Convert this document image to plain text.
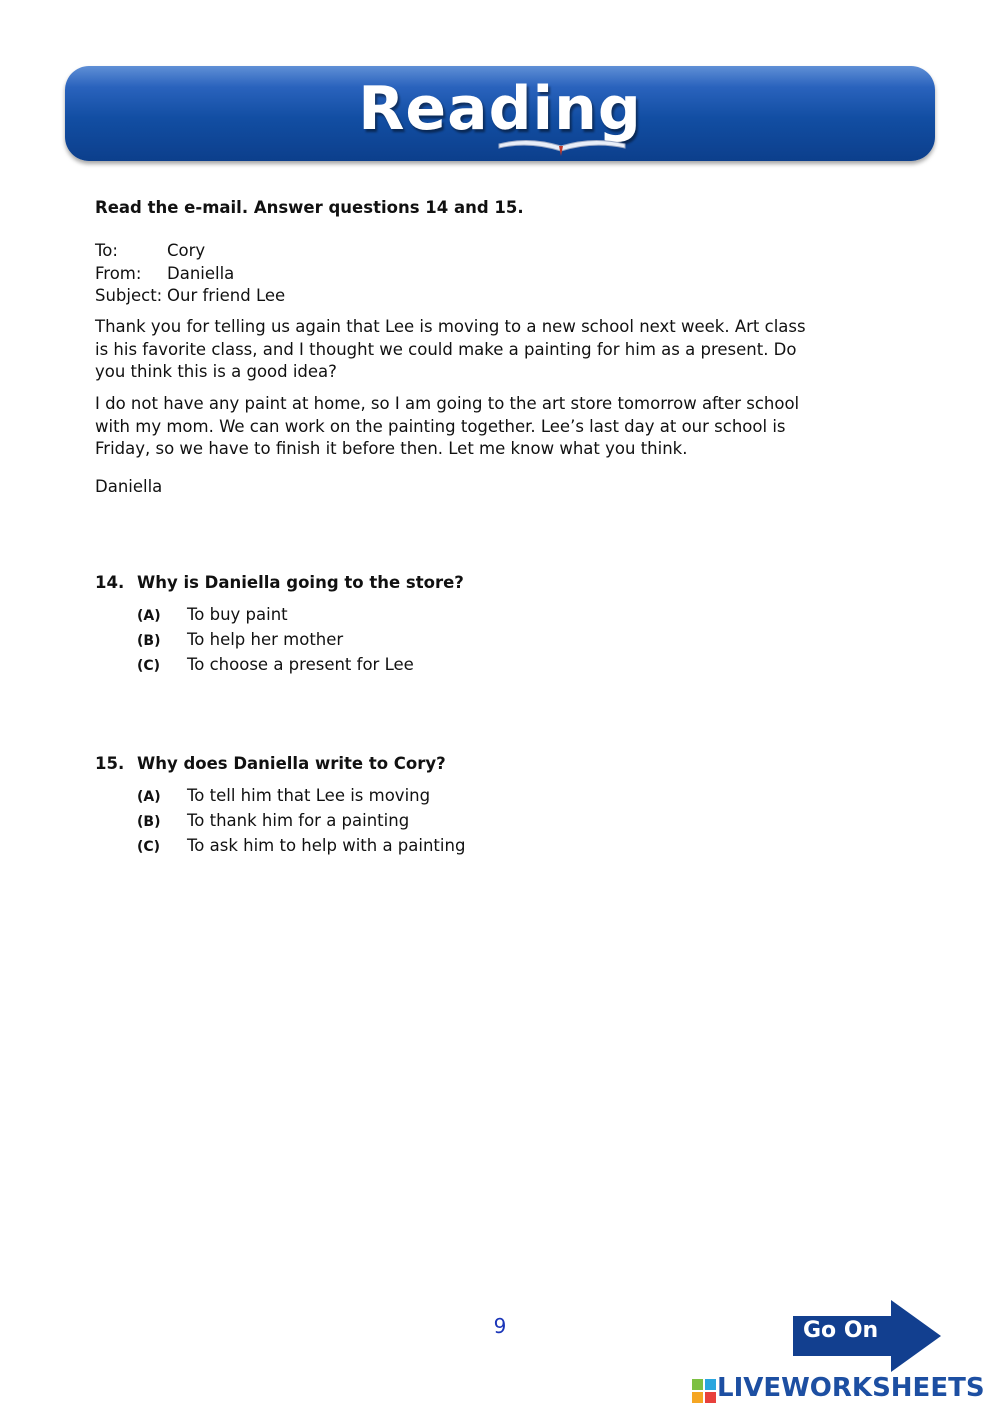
Reading
Read the e-mail. Answer questions 14 and 15.
To:	Cory
From: Daniella
Subject: Our friend Lee

Thank you for telling us again that Lee is moving to a new school next week. Art class is his favorite class, and I thought we could make a painting for him as a present. Do you think this is a good idea?

I do not have any paint at home, so I am going to the art store tomorrow after school with my mom. We can work on the painting together. Lee’s last day at our school is Friday, so we have to finish it before then. Let me know what you think.

Daniella

14. Why is Daniella going to the store?
(A) To buy paint
(B) To help her mother
(C) To choose a present for Lee
15. Why does Daniella write to Cory?
(A) To tell him that Lee is moving
(B) To thank him for a painting
(C) To ask him to help with a painting
9	Go On
LIVEWORKSHEETS
